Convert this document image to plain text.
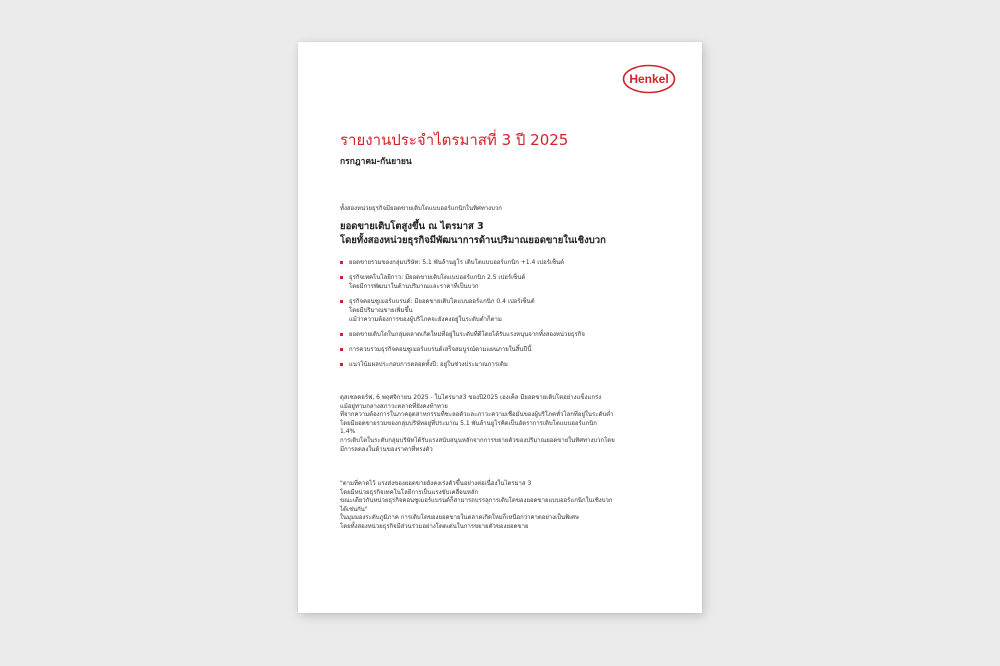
Henkel
รายงานประจำไตรมาสที่ 3 ปี 2025
กรกฎาคม-กันยายน
ทั้งสองหน่วยธุรกิจมียอดขายเติบโตแบบออร์แกนิกในทิศทางบวก
ยอดขายเติบโตสูงขึ้น ณ ไตรมาส 3
โดยทั้งสองหน่วยธุรกิจมีพัฒนาการด้านปริมาณยอดขายในเชิงบวก
ยอดขายรวมของกลุ่มบริษัท: 5.1 พันล้านยูโร เติบโตแบบออร์แกนิก +1.4 เปอร์เซ็นต์
ธุรกิจเทคโนโลยีกาว: มียอดขายเติบโตแบบออร์แกนิก 2.5 เปอร์เซ็นต์
โดยมีการพัฒนาในด้านปริมาณและราคาที่เป็นบวก
ธุรกิจคอนซูเมอร์แบรนด์: มียอดขายเติบโตแบบออร์แกนิก 0.4 เปอร์เซ็นต์
โดยมีปริมาณขายเพิ่มขึ้น
แม้ว่าความต้องการของผู้บริโภคจะยังคงอยู่ในระดับต่ำก็ตาม
ยอดขายเติบโตในกลุ่มตลาดเกิดใหม่ที่อยู่ในระดับที่ดีโดยได้รับแรงหนุนจากทั้งสองหน่วยธุรกิจ
การควบรวมธุรกิจคอนซูเมอร์แบรนด์เสร็จสมบูรณ์ตามแผนภายในสิ้นปีนี้
แนวโน้มผลประกอบการตลอดทั้งปี: อยู่ในช่วงประมาณการเดิม
ดุสเซลดอร์ฟ, 6 พฤศจิกายน 2025 - ในไตรมาส3 ของปี2025 เฮงเค็ล มียอดขายเติบโตอย่างแข็งแกร่ง
แม้อยู่ท่ามกลางสภาวะตลาดที่ยังคงท้าทาย
ที่จากความต้องการในภาคอุตสาหกรรมที่ชะลอตัวและภาวะความเชื่อมั่นของผู้บริโภคทั่วโลกที่อยู่ในระดับต่ำ
โดยมียอดขายรวมของกลุ่มบริษัทอยู่ที่ประมาณ 5.1 พันล้านยูโรคิดเป็นอัตราการเติบโตแบบออร์แกนิก
1.4%
การเติบโตในระดับกลุ่มบริษัทได้รับแรงสนับสนุนหลักจากการขยายตัวของปริมาณยอดขายในทิศทางบวกโดย
มีการลดลงในด้านของราคาที่ทรงตัว
"ตามที่คาดไว้ แรงส่งของยอดขายยังคงเร่งตัวขึ้นอย่างต่อเนื่องในไตรมาส 3
โดยมีหน่วยธุรกิจเทคโนโลยีการเป็นแรงขับเคลื่อนหลัก
ขณะเดียวกันหน่วยธุรกิจคอนซูเมอร์แบรนด์ก็สามารถบรรลุการเติบโตของยอดขายแบบออร์แกนิกในเชิงบวก
ได้เช่นกัน"
ในมุมมองระดับภูมิภาค การเติบโตของยอดขายในตลาดเกิดใหม่ก็เหนือกว่าคาดอย่างเป็นพิเศษ
โดยทั้งสองหน่วยธุรกิจมีส่วนร่วมอย่างโดดเด่นในการขยายตัวของยอดขาย
